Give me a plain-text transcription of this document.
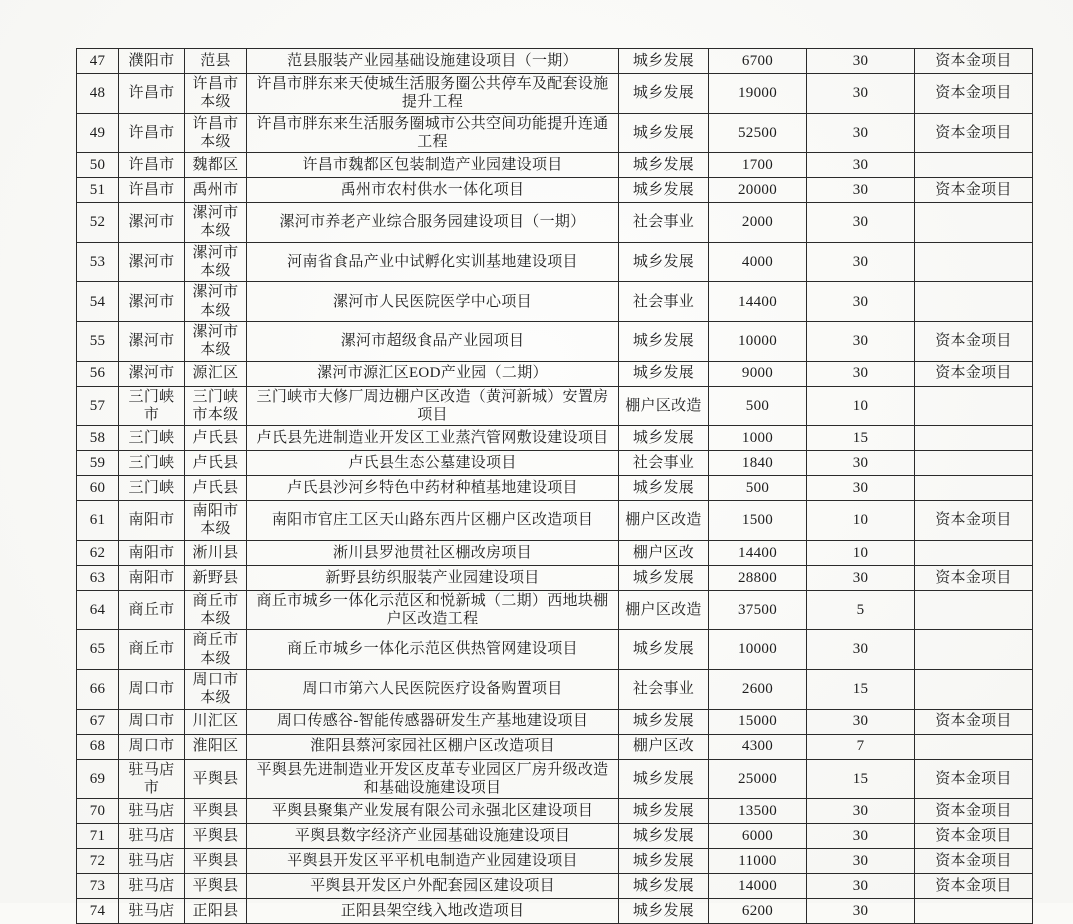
47	濮阳市	范县	范县服装产业园基础设施建设项目（一期）	城乡发展	6700	30	资本金项目
48	许昌市	许昌市本级	许昌市胖东来天使城生活服务圈公共停车及配套设施提升工程	城乡发展	19000	30	资本金项目
49	许昌市	许昌市本级	许昌市胖东来生活服务圈城市公共空间功能提升连通工程	城乡发展	52500	30	资本金项目
50	许昌市	魏都区	许昌市魏都区包装制造产业园建设项目	城乡发展	1700	30	
51	许昌市	禹州市	禹州市农村供水一体化项目	城乡发展	20000	30	资本金项目
52	漯河市	漯河市本级	漯河市养老产业综合服务园建设项目（一期）	社会事业	2000	30	
53	漯河市	漯河市本级	河南省食品产业中试孵化实训基地建设项目	城乡发展	4000	30	
54	漯河市	漯河市本级	漯河市人民医院医学中心项目	社会事业	14400	30	
55	漯河市	漯河市本级	漯河市超级食品产业园项目	城乡发展	10000	30	资本金项目
56	漯河市	源汇区	漯河市源汇区EOD产业园（二期）	城乡发展	9000	30	资本金项目
57	三门峡市	三门峡市本级	三门峡市大修厂周边棚户区改造（黄河新城）安置房项目	棚户区改造	500	10	
58	三门峡	卢氏县	卢氏县先进制造业开发区工业蒸汽管网敷设建设项目	城乡发展	1000	15	
59	三门峡	卢氏县	卢氏县生态公墓建设项目	社会事业	1840	30	
60	三门峡	卢氏县	卢氏县沙河乡特色中药材种植基地建设项目	城乡发展	500	30	
61	南阳市	南阳市本级	南阳市官庄工区天山路东西片区棚户区改造项目	棚户区改造	1500	10	资本金项目
62	南阳市	淅川县	淅川县罗池贯社区棚改房项目	棚户区改	14400	10	
63	南阳市	新野县	新野县纺织服装产业园建设项目	城乡发展	28800	30	资本金项目
64	商丘市	商丘市本级	商丘市城乡一体化示范区和悦新城（二期）西地块棚户区改造工程	棚户区改造	37500	5	
65	商丘市	商丘市本级	商丘市城乡一体化示范区供热管网建设项目	城乡发展	10000	30	
66	周口市	周口市本级	周口市第六人民医院医疗设备购置项目	社会事业	2600	15	
67	周口市	川汇区	周口传感谷-智能传感器研发生产基地建设项目	城乡发展	15000	30	资本金项目
68	周口市	淮阳区	淮阳县蔡河家园社区棚户区改造项目	棚户区改	4300	7	
69	驻马店市	平舆县	平舆县先进制造业开发区皮革专业园区厂房升级改造和基础设施建设项目	城乡发展	25000	15	资本金项目
70	驻马店	平舆县	平舆县聚集产业发展有限公司永强北区建设项目	城乡发展	13500	30	资本金项目
71	驻马店	平舆县	平舆县数字经济产业园基础设施建设项目	城乡发展	6000	30	资本金项目
72	驻马店	平舆县	平舆县开发区平平机电制造产业园建设项目	城乡发展	11000	30	资本金项目
73	驻马店	平舆县	平舆县开发区户外配套园区建设项目	城乡发展	14000	30	资本金项目
74	驻马店	正阳县	正阳县架空线入地改造项目	城乡发展	6200	30	
